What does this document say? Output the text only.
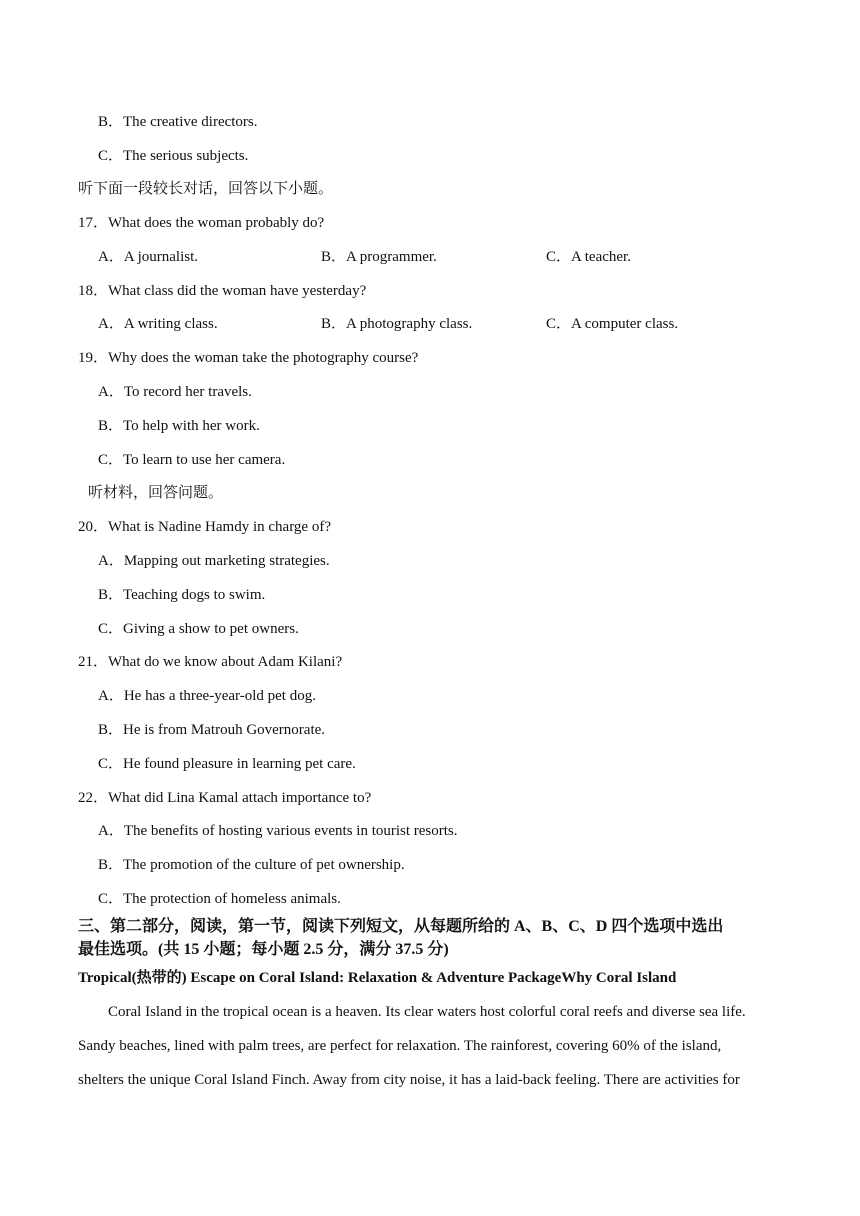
B．The creative directors.
C．The serious subjects.
听下面一段较长对话，回答以下小题。
17．What does the woman probably do?
A．A journalist.	B．A programmer.	C．A teacher.
18．What class did the woman have yesterday?
A．A writing class.	B．A photography class.	C．A computer class.
19．Why does the woman take the photography course?
A．To record her travels.
B．To help with her work.
C．To learn to use her camera.
听材料，回答问题。
20．What is Nadine Hamdy in charge of?
A．Mapping out marketing strategies.
B．Teaching dogs to swim.
C．Giving a show to pet owners.
21．What do we know about Adam Kilani?
A．He has a three-year-old pet dog.
B．He is from Matrouh Governorate.
C．He found pleasure in learning pet care.
22．What did Lina Kamal attach importance to?
A．The benefits of hosting various events in tourist resorts.
B．The promotion of the culture of pet ownership.
C．The protection of homeless animals.
三、第二部分，阅读，第一节，阅读下列短文，从每题所给的 A、B、C、D 四个选项中选出
最佳选项。(共 15 小题；每小题 2.5 分，满分 37.5 分)
Tropical(热带的) Escape on Coral Island: Relaxation & Adventure PackageWhy Coral Island
Coral Island in the tropical ocean is a heaven. Its clear waters host colorful coral reefs and diverse sea life.
Sandy beaches, lined with palm trees, are perfect for relaxation. The rainforest, covering 60% of the island,
shelters the unique Coral Island Finch. Away from city noise, it has a laid-back feeling. There are activities for
